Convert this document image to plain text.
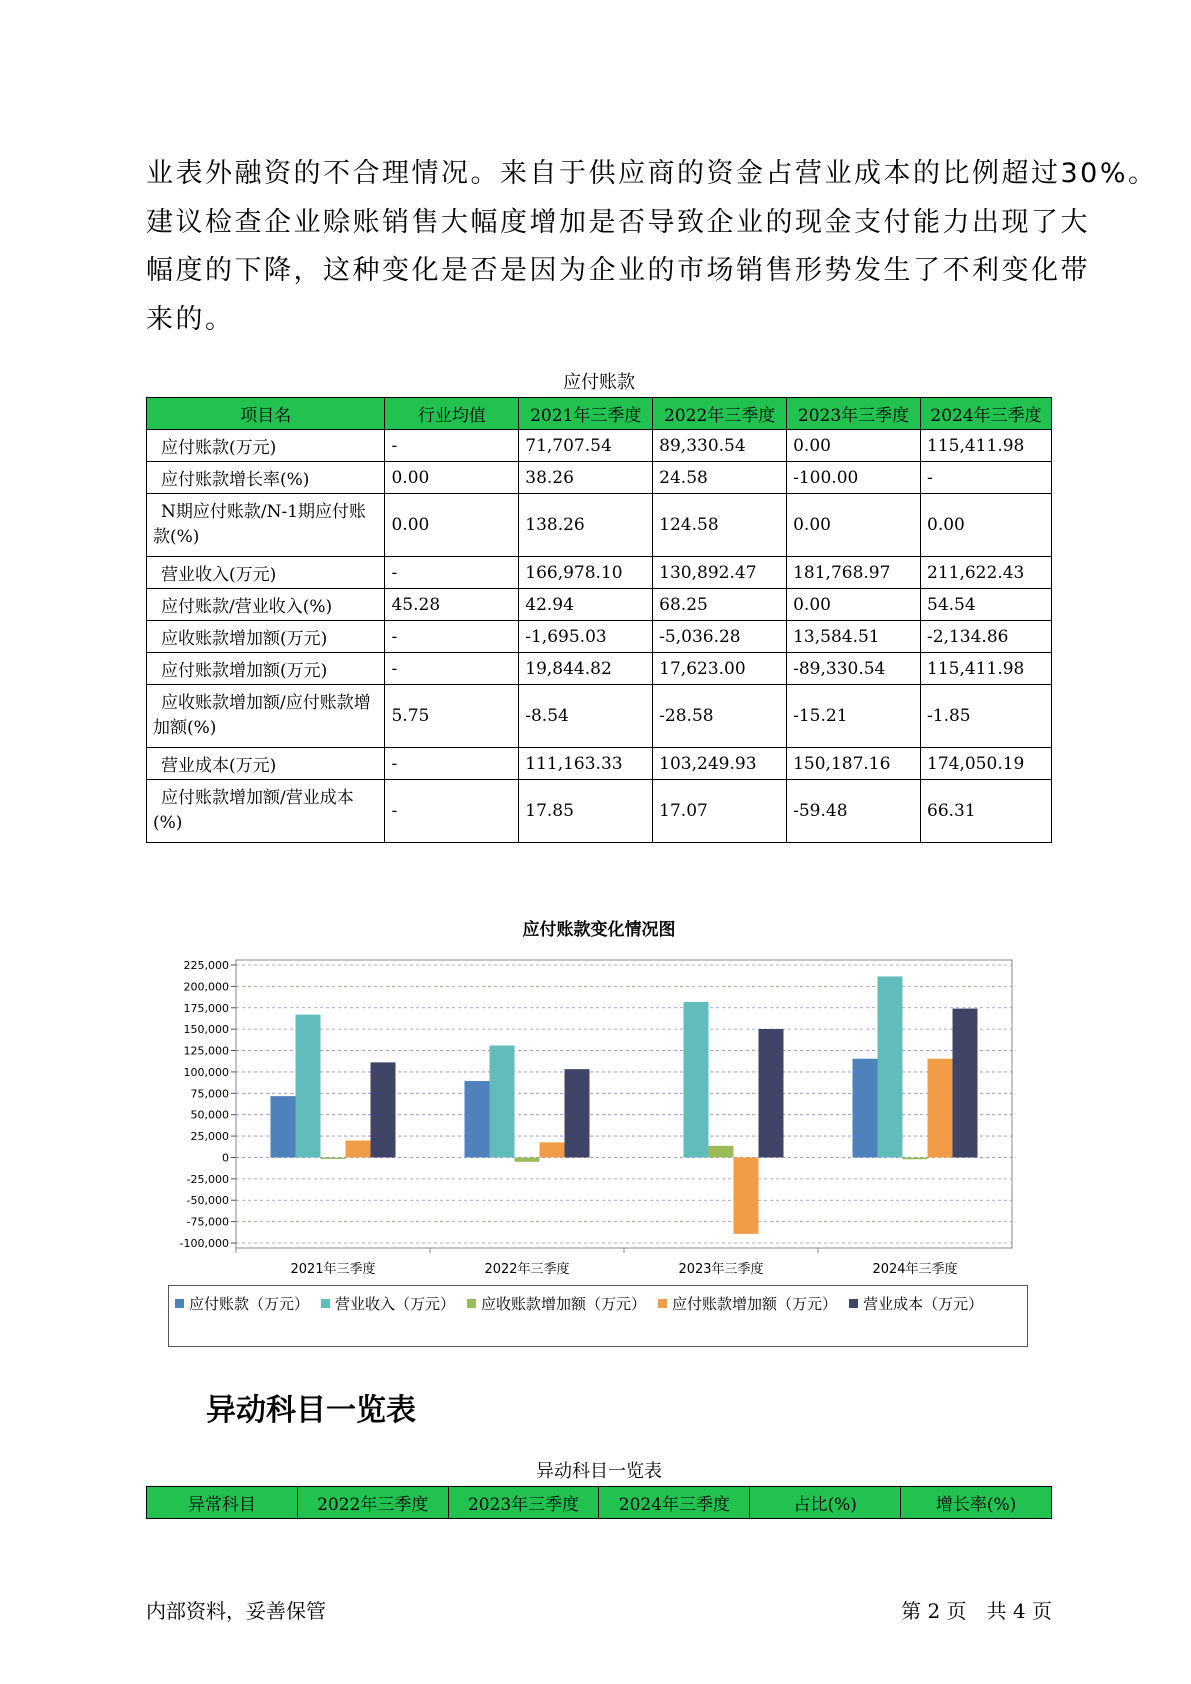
业表外融资的不合理情况。来自于供应商的资金占营业成本的比例超过30%。
建议检查企业赊账销售大幅度增加是否导致企业的现金支付能力出现了大
幅度的下降，这种变化是否是因为企业的市场销售形势发生了不利变化带
来的。
应付账款
项目名	行业均值	2021年三季度	2022年三季度	2023年三季度	2024年三季度
应付账款(万元)	-	71,707.54	89,330.54	0.00	115,411.98
应付账款增长率(%)	0.00	38.26	24.58	-100.00	-
N期应付账款/N-1期应付账款(%)	0.00	138.26	124.58	0.00	0.00
营业收入(万元)	-	166,978.10	130,892.47	181,768.97	211,622.43
应付账款/营业收入(%)	45.28	42.94	68.25	0.00	54.54
应收账款增加额(万元)	-	-1,695.03	-5,036.28	13,584.51	-2,134.86
应付账款增加额(万元)	-	19,844.82	17,623.00	-89,330.54	115,411.98
应收账款增加额/应付账款增加额(%)	5.75	-8.54	-28.58	-15.21	-1.85
营业成本(万元)	-	111,163.33	103,249.93	150,187.16	174,050.19
应付账款增加额/营业成本(%)	-	17.85	17.07	-59.48	66.31
应付账款变化情况图
225,000
200,000
175,000
150,000
125,000
100,000
75,000
50,000
25,000
0
-25,000
-50,000
-75,000
-100,000
2021年三季度	2022年三季度	2023年三季度	2024年三季度
应付账款（万元） 营业收入（万元） 应收账款增加额（万元） 应付账款增加额（万元） 营业成本（万元）
异动科目一览表
异动科目一览表
异常科目	2022年三季度	2023年三季度	2024年三季度	占比(%)	增长率(%)
内部资料，妥善保管	第 2 页　共 4 页
